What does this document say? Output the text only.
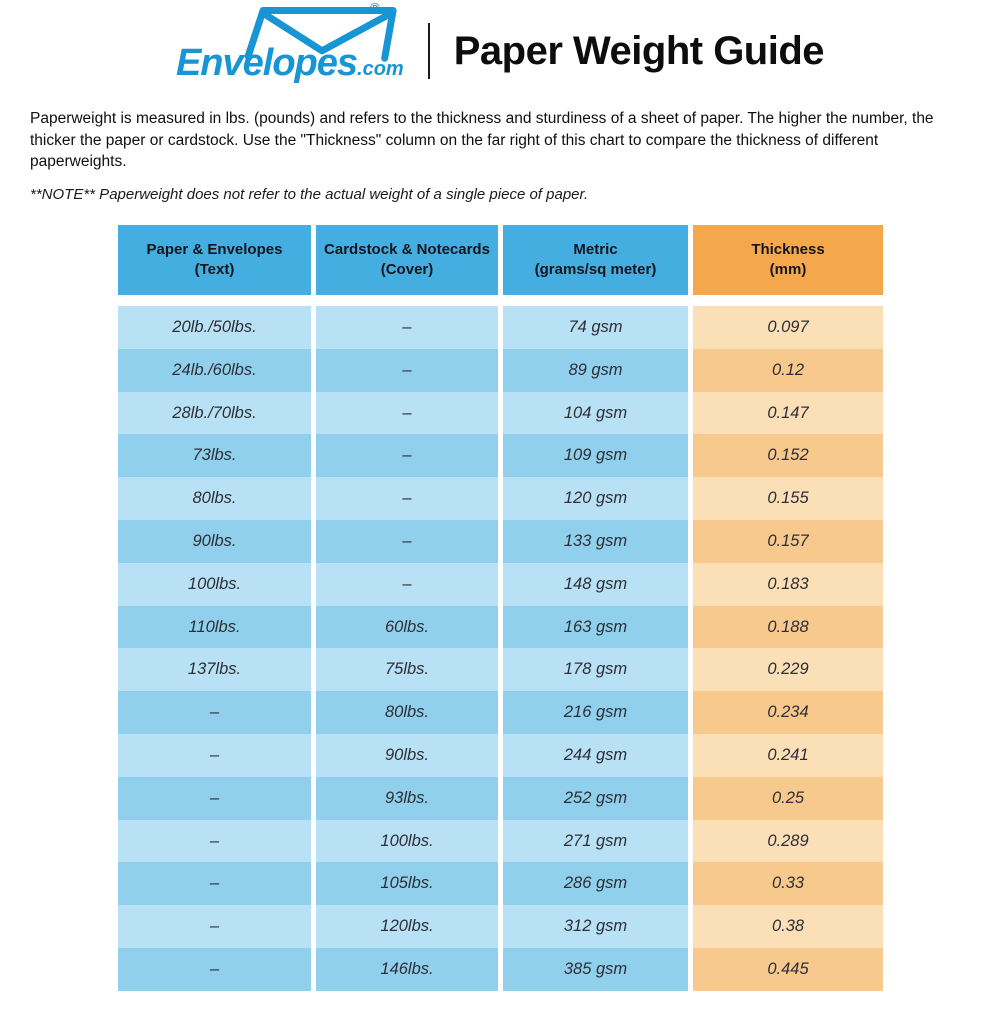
®
Envelopes.com Paper Weight Guide

Paperweight is measured in lbs. (pounds) and refers to the thickness and sturdiness of a sheet of paper. The higher the number, the thicker the paper or cardstock. Use the "Thickness" column on the far right of this chart to compare the thickness of different paperweights.

**NOTE** Paperweight does not refer to the actual weight of a single piece of paper.

Paper & Envelopes
(Text)
Cardstock & Notecards
(Cover)
Metric
(grams/sq meter)
Thickness
(mm)
20lb./50lbs.	–	74 gsm	0.097
24lb./60lbs.	–	89 gsm	0.12
28lb./70lbs.	–	104 gsm	0.147
73lbs.	–	109 gsm	0.152
80lbs.	–	120 gsm	0.155
90lbs.	–	133 gsm	0.157
100lbs.	–	148 gsm	0.183
110lbs.	60lbs.	163 gsm	0.188
137lbs.	75lbs.	178 gsm	0.229
–	80lbs.	216 gsm	0.234
–	90lbs.	244 gsm	0.241
–	93lbs.	252 gsm	0.25
–	100lbs.	271 gsm	0.289
–	105lbs.	286 gsm	0.33
–	120lbs.	312 gsm	0.38
–	146lbs.	385 gsm	0.445
